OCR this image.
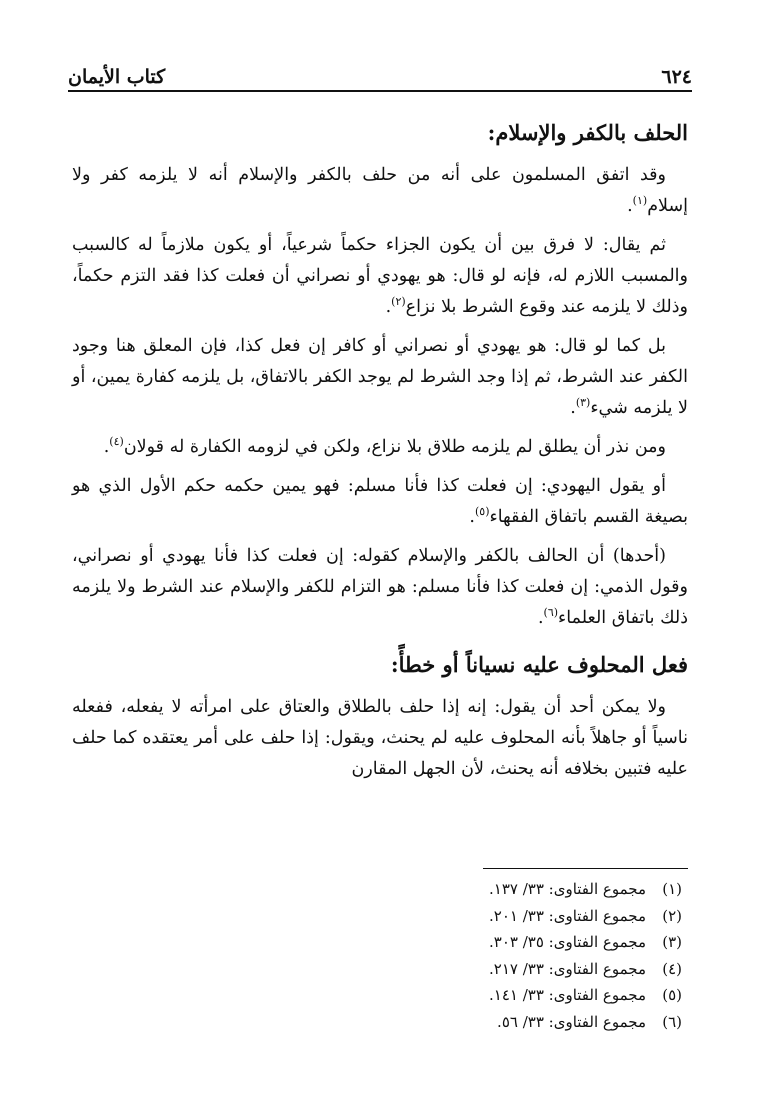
٦٢٤
كتاب الأيمان
الحلف بالكفر والإسلام:

وقد اتفق المسلمون على أنه من حلف بالكفر والإسلام أنه لا يلزمه كفر ولا إسلام$^{(١)}$.

ثم يقال: لا فرق بين أن يكون الجزاء حكماً شرعياً، أو يكون ملازماً له كالسبب والمسبب اللازم له، فإنه لو قال: هو يهودي أو نصراني أن فعلت كذا فقد التزم حكماً، وذلك لا يلزمه عند وقوع الشرط بلا نزاع$^{(٢)}$.

بل كما لو قال: هو يهودي أو نصراني أو كافر إن فعل كذا، فإن المعلق هنا وجود الكفر عند الشرط، ثم إذا وجد الشرط لم يوجد الكفر بالاتفاق، بل يلزمه كفارة يمين، أو لا يلزمه شيء$^{(٣)}$.

ومن نذر أن يطلق لم يلزمه طلاق بلا نزاع، ولكن في لزومه الكفارة له قولان$^{(٤)}$.

أو يقول اليهودي: إن فعلت كذا فأنا مسلم: فهو يمين حكمه حكم الأول الذي هو بصيغة القسم باتفاق الفقهاء$^{(٥)}$.

(أحدها) أن الحالف بالكفر والإسلام كقوله: إن فعلت كذا فأنا يهودي أو نصراني، وقول الذمي: إن فعلت كذا فأنا مسلم: هو التزام للكفر والإسلام عند الشرط ولا يلزمه ذلك باتفاق العلماء$^{(٦)}$.

فعل المحلوف عليه نسياناً أو خطأً:

ولا يمكن أحد أن يقول: إنه إذا حلف بالطلاق والعتاق على امرأته لا يفعله، ففعله ناسياً أو جاهلاً بأنه المحلوف عليه لم يحنث، ويقول: إذا حلف على أمر يعتقده كما حلف عليه فتبين بخلافه أنه يحنث، لأن الجهل المقارن

(١)
مجموع الفتاوى: ٣٣/ ١٣٧.
(٢)
مجموع الفتاوى: ٣٣/ ٢٠١.
(٣)
مجموع الفتاوى: ٣٥/ ٣٠٣.
(٤)
مجموع الفتاوى: ٣٣/ ٢١٧.
(٥)
مجموع الفتاوى: ٣٣/ ١٤١.
(٦)
مجموع الفتاوى: ٣٣/ ٥٦.
